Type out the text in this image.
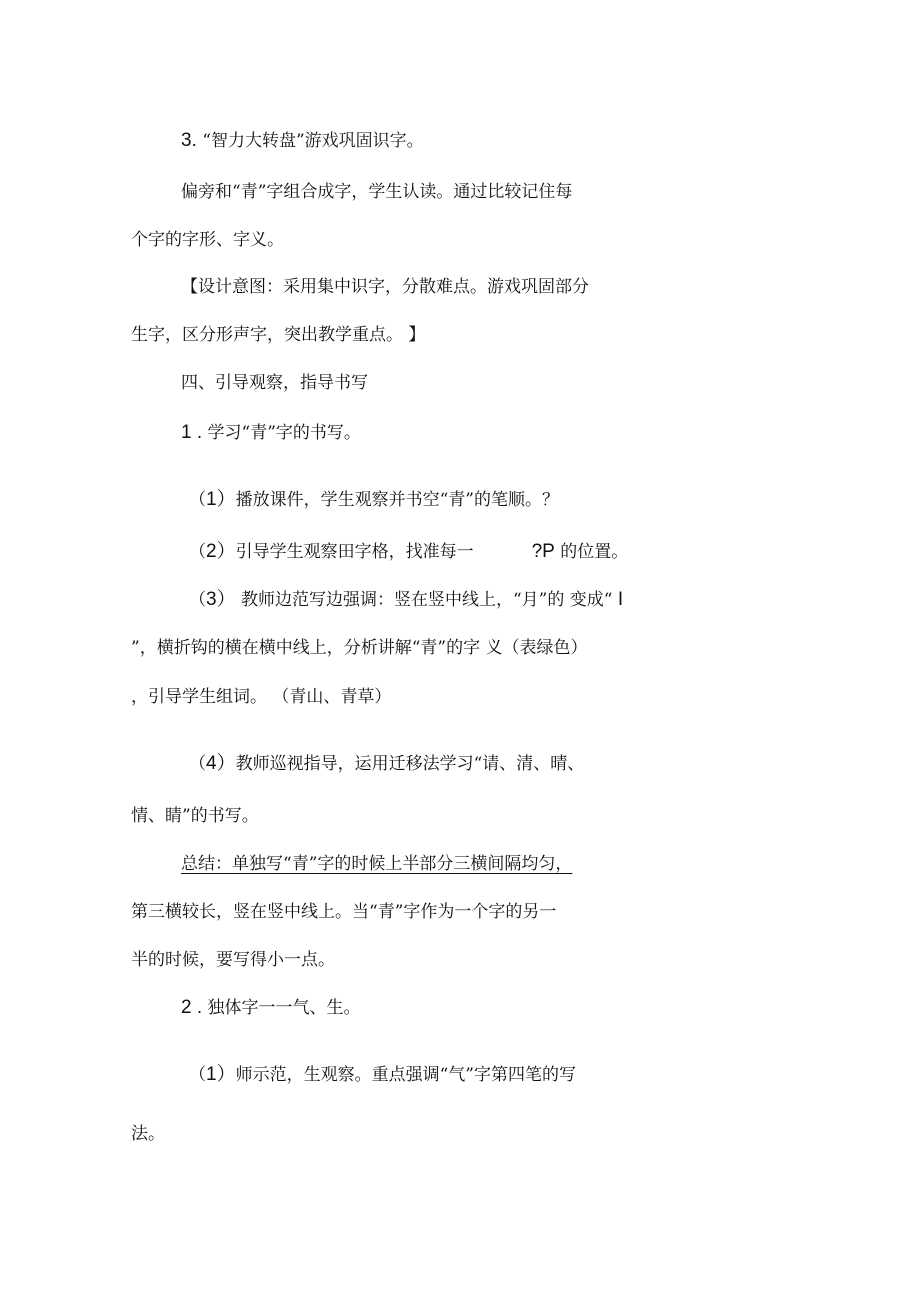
3. “智力大转盘”游戏巩固识字。

偏旁和“青”字组合成字，学生认读。通过比较记住每

个字的字形、字义。

【设计意图：采用集中识字，分散难点。游戏巩固部分

生字，区分形声字，突出教学重点。 】

四、引导观察，指导书写

1 . 学习“青”字的书写。

（1）播放课件，学生观察并书空“青”的笔顺。？

（2）引导学生观察田字格，找准每一	?P 的位置。

（3） 教师边范写边强调：竖在竖中线上，“月”的 变成“ I

”，横折钩的横在横中线上，分析讲解“青”的字 义（表绿色）

，引导学生组词。 （青山、青草）

（4）教师巡视指导，运用迁移法学习“请、清、晴、

情、睛”的书写。

总结：单独写“青”字的时候上半部分三横间隔均匀，

第三横较长，竖在竖中线上。当“青”字作为一个字的另一

半的时候，要写得小一点。

2 . 独体字一一气、生。

（1）师示范，生观察。重点强调“气”字第四笔的写

法。
